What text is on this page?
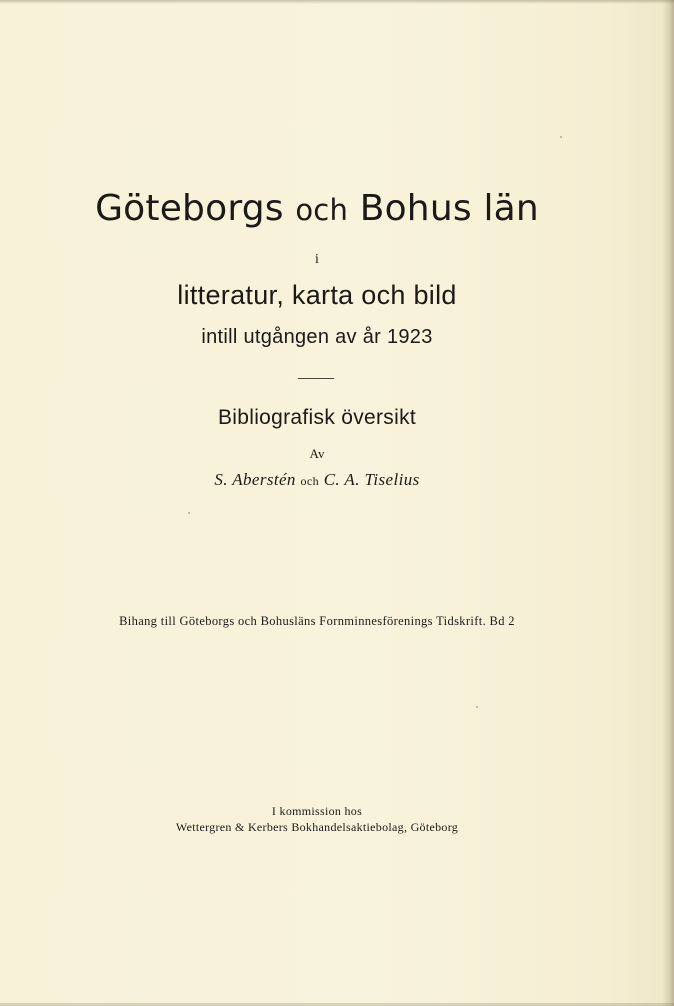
Göteborgs och Bohus län
i
litteratur, karta och bild
intill utgången av år 1923
Bibliografisk översikt
Av
S. Aberstén och C. A. Tiselius
Bihang till Göteborgs och Bohusläns Fornminnesförenings Tidskrift. Bd 2
I kommission hos
Wettergren & Kerbers Bokhandelsaktiebolag, Göteborg
